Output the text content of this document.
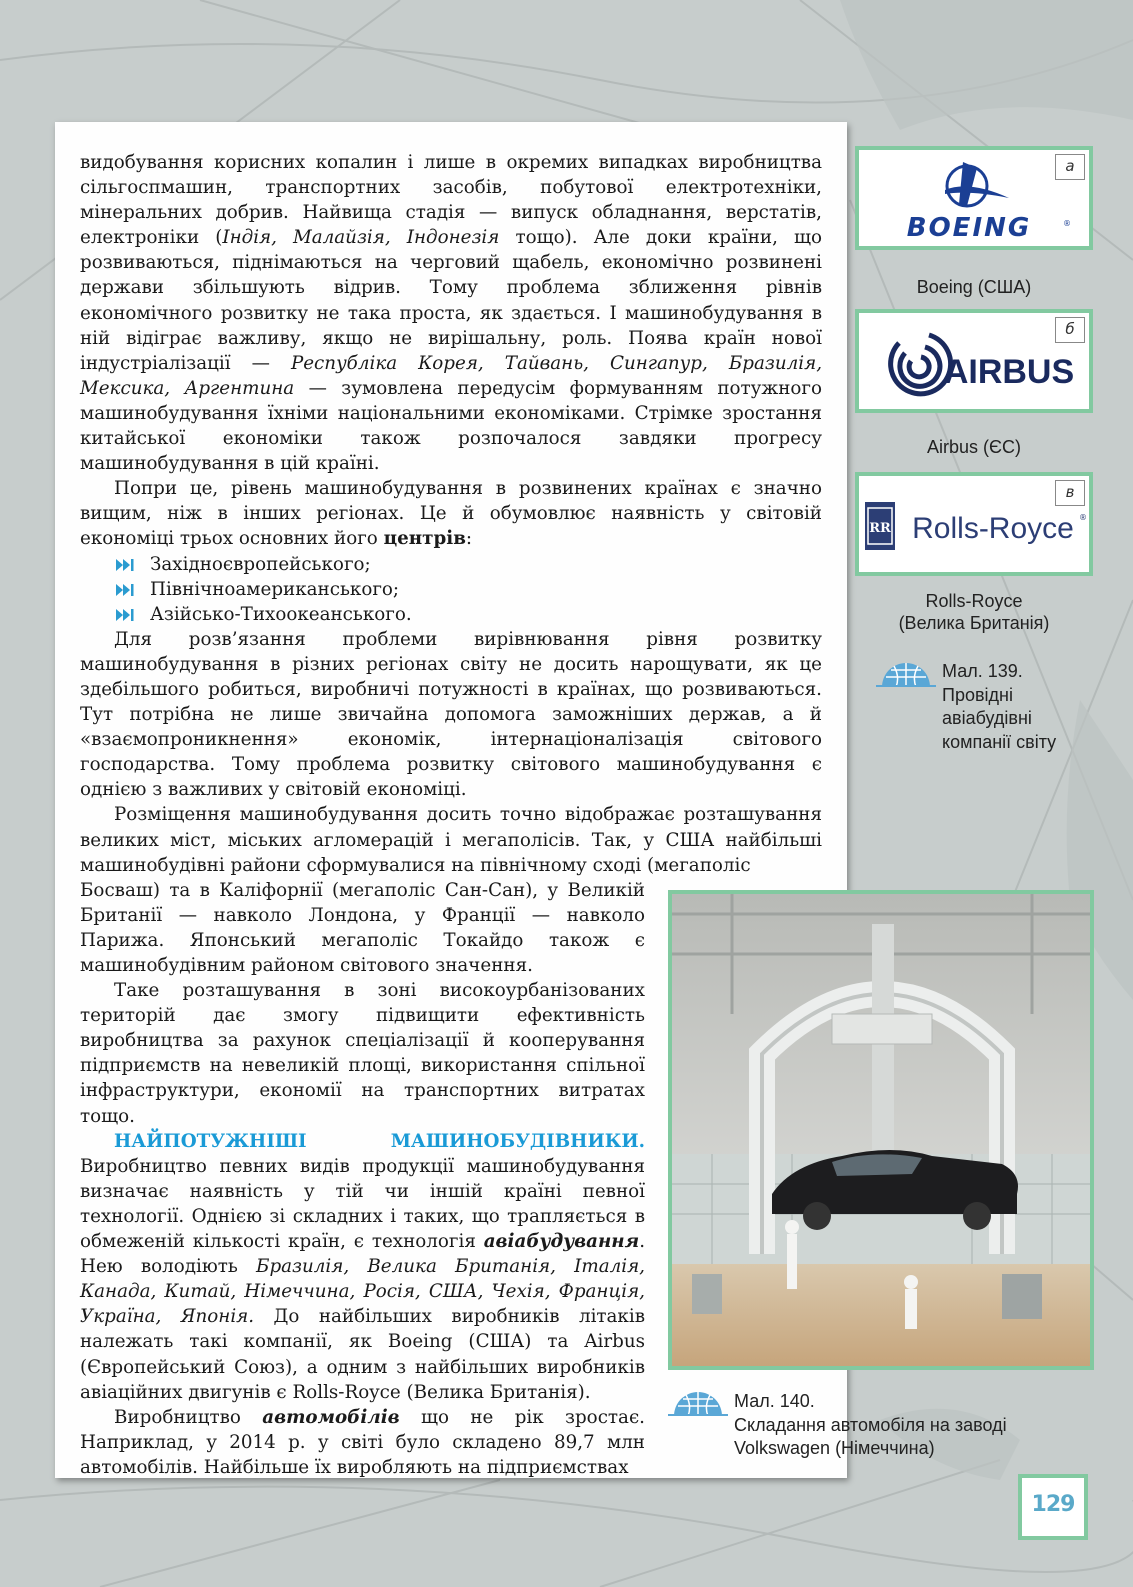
видобування корисних копалин і лише в окремих випадках виробництва сільгоспмашин, транспортних засобів, побутової електротехніки, мінеральних добрив. Найвища стадія — випуск обладнання, верстатів, електроніки (Індія, Малайзія, Індонезія тощо). Але доки країни, що розвиваються, піднімаються на черговий щабель, економічно розвинені держави збільшують відрив. Тому проблема зближення рівнів економічного розвитку не така проста, як здається. І машинобудування в ній відіграє важливу, якщо не вирішальну, роль. Поява країн нової індустріалізації — Республіка Корея, Тайвань, Сингапур, Бразилія, Мексика, Аргентина — зумовлена передусім формуванням потужного машинобудування їхніми національними економіками. Стрімке зростання китайської економіки також розпочалося завдяки прогресу машинобудування в цій країні.

Попри це, рівень машинобудування в розвинених країнах є значно вищим, ніж в інших регіонах. Це й обумовлює наявність у світовій економіці трьох основних його центрів:

Західноєвропейського;
Північноамериканського;
Азійсько-Тихоокеанського.

Для розв’язання проблеми вирівнювання рівня розвитку машинобудування в різних регіонах світу не досить нарощувати, як це здебільшого робиться, виробничі потужності в країнах, що розвиваються. Тут потрібна не лише звичайна допомога заможніших держав, а й «взаємопроникнення» економік, інтернаціоналізація світового господарства. Тому проблема розвитку світового машинобудування є однією з важливих у світовій економіці.

Розміщення машинобудування досить точно відображає розташування великих міст, міських агломерацій і мегаполісів. Так, у США найбільші машинобудівні райони сформувалися на північному сході (мегаполіс

Босваш) та в Каліфорнії (мегаполіс Сан-Сан), у Великій Британії — навколо Лондона, у Франції — навколо Парижа. Японський мегаполіс Токайдо також є машинобудівним районом світового значення.

Таке розташування в зоні високоурбанізованих територій дає змогу підвищити ефективність виробництва за рахунок спеціалізації й кооперування підприємств на невеликій площі, використання спільної інфраструктури, економії на транспортних витратах тощо.

НАЙПОТУЖНІШІ МАШИНОБУДІВНИКИ. Виробництво певних видів продукції машинобудування визначає наявність у тій чи іншій країні певної технології. Однією зі складних і таких, що трапляється в обмеженій кількості країн, є технологія авіабудування. Нею володіють Бразилія, Велика Британія, Італія, Канада, Китай, Німеччина, Росія, США, Чехія, Франція, Україна, Японія. До найбільших виробників літаків належать такі компанії, як Boeing (США) та Airbus (Європейський Союз), а одним з найбільших виробників авіаційних двигунів є Rolls-Royce (Велика Британія).

Виробництво автомобілів що не рік зростає. Наприклад, у 2014 р. у світі було складено 89,7 млн автомобілів. Найбільше їх виробляють на підприємствах

а
BOEING	®
Boeing (США)
б
AIRBUS
Airbus (ЄС)
в
RR Rolls-Royce ®
Rolls-Royce
(Велика Британія)
Мал. 139.
Провідні
авіабудівні
компанії світу
Мал. 140.
Складання автомобіля на заводі
Volkswagen (Німеччина)
129
